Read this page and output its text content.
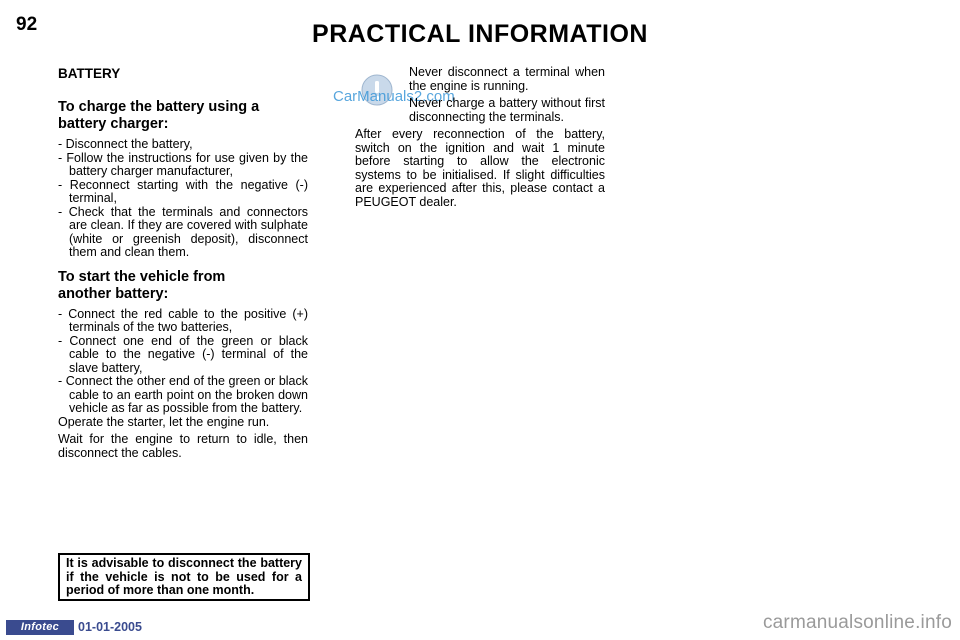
92	PRACTICAL INFORMATION
BATTERY
To charge the battery using a
battery charger:
- Disconnect the battery,
- Follow the instructions for use given by the battery charger manufacturer,
- Reconnect starting with the negative (-) terminal,
- Check that the terminals and connectors are clean. If they are covered with sulphate (white or greenish deposit), disconnect them and clean them.
To start the vehicle from
another battery:
- Connect the red cable to the positive (+) terminals of the two batteries,
- Connect one end of the green or black cable to the negative (-) terminal of the slave battery,
- Connect the other end of the green or black cable to an earth point on the broken down vehicle as far as possible from the battery.

Operate the starter, let the engine run.

Wait for the engine to return to idle, then disconnect the cables.

It is advisable to disconnect the battery if the vehicle is not to be used for a period of more than one month.
CarManuals2.com

Never disconnect a terminal when the engine is running.

Never charge a battery without first disconnecting the terminals.

After every reconnection of the battery, switch on the ignition and wait 1 minute before starting to allow the electronic systems to be initialised. If slight difficulties are experienced after this, please contact a PEUGEOT dealer.

Infotec	01-01-2005	carmanualsonline.info
